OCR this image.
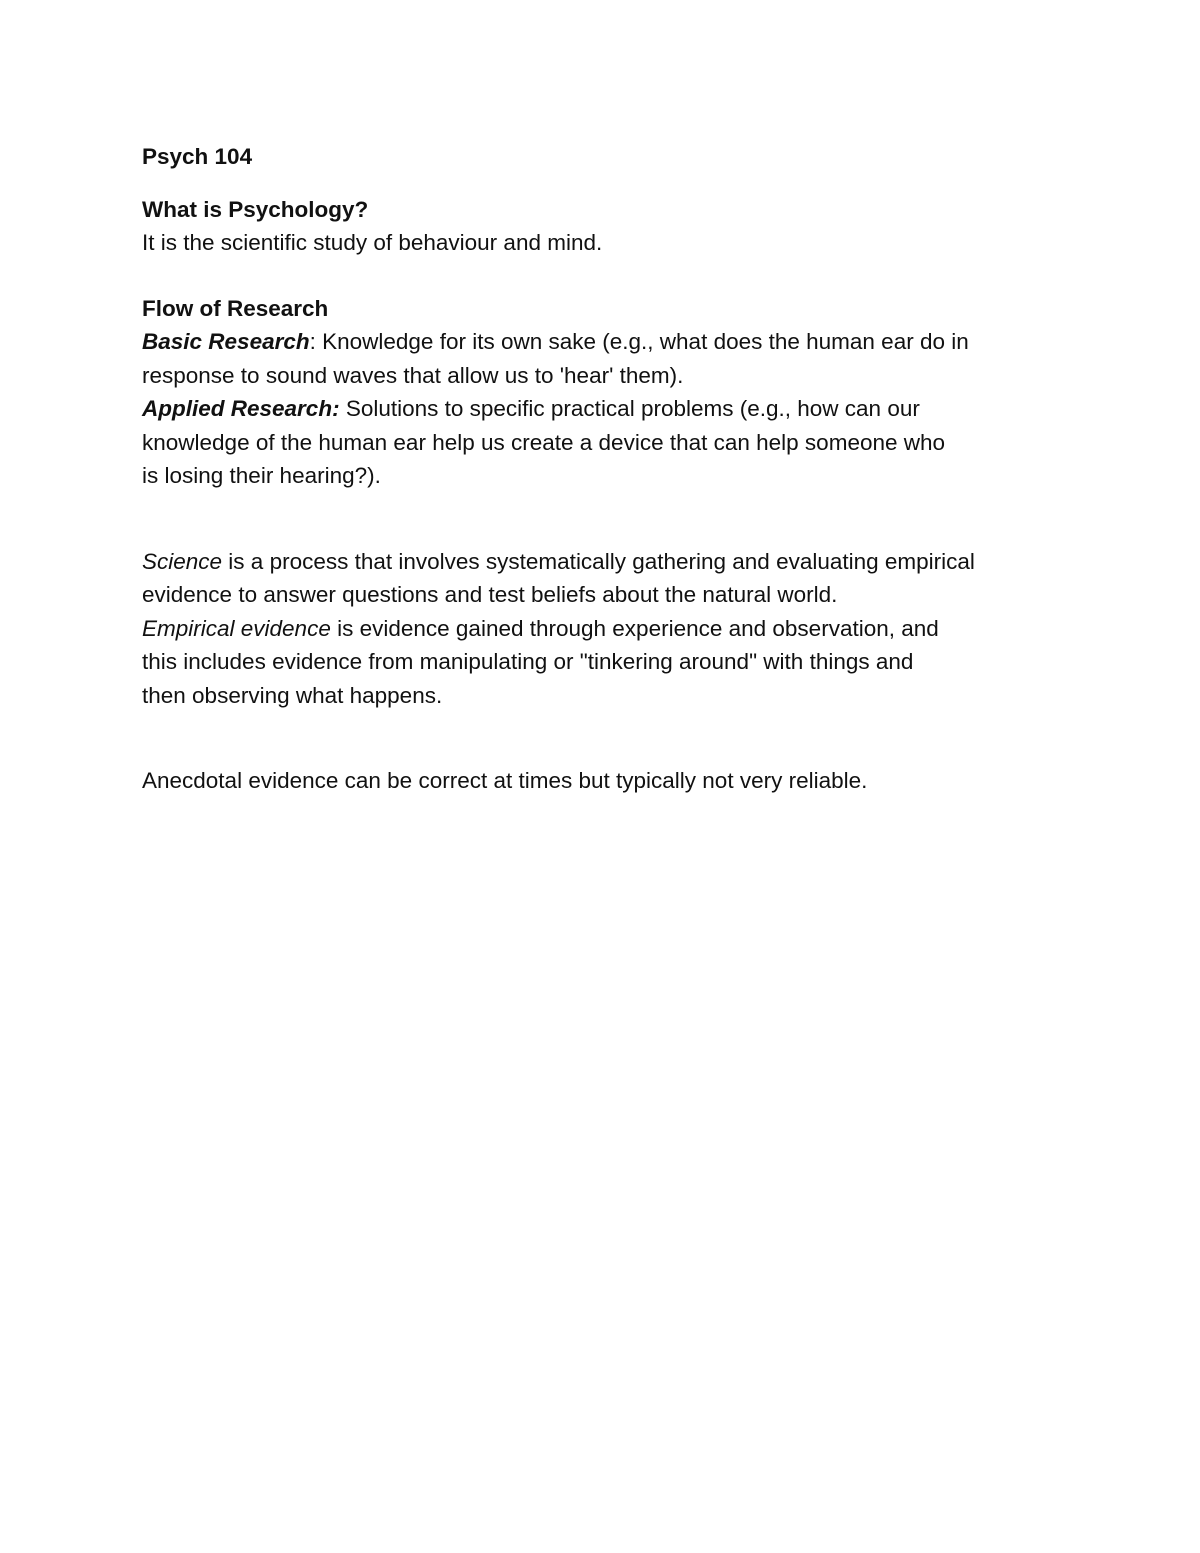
Psych 104
What is Psychology?
It is the scientific study of behaviour and mind.
Flow of Research
Basic Research: Knowledge for its own sake (e.g., what does the human ear do in
response to sound waves that allow us to 'hear' them).
Applied Research: Solutions to specific practical problems (e.g., how can our
knowledge of the human ear help us create a device that can help someone who
is losing their hearing?).
Science is a process that involves systematically gathering and evaluating empirical
evidence to answer questions and test beliefs about the natural world.
Empirical evidence is evidence gained through experience and observation, and
this includes evidence from manipulating or "tinkering around" with things and
then observing what happens.
Anecdotal evidence can be correct at times but typically not very reliable.
